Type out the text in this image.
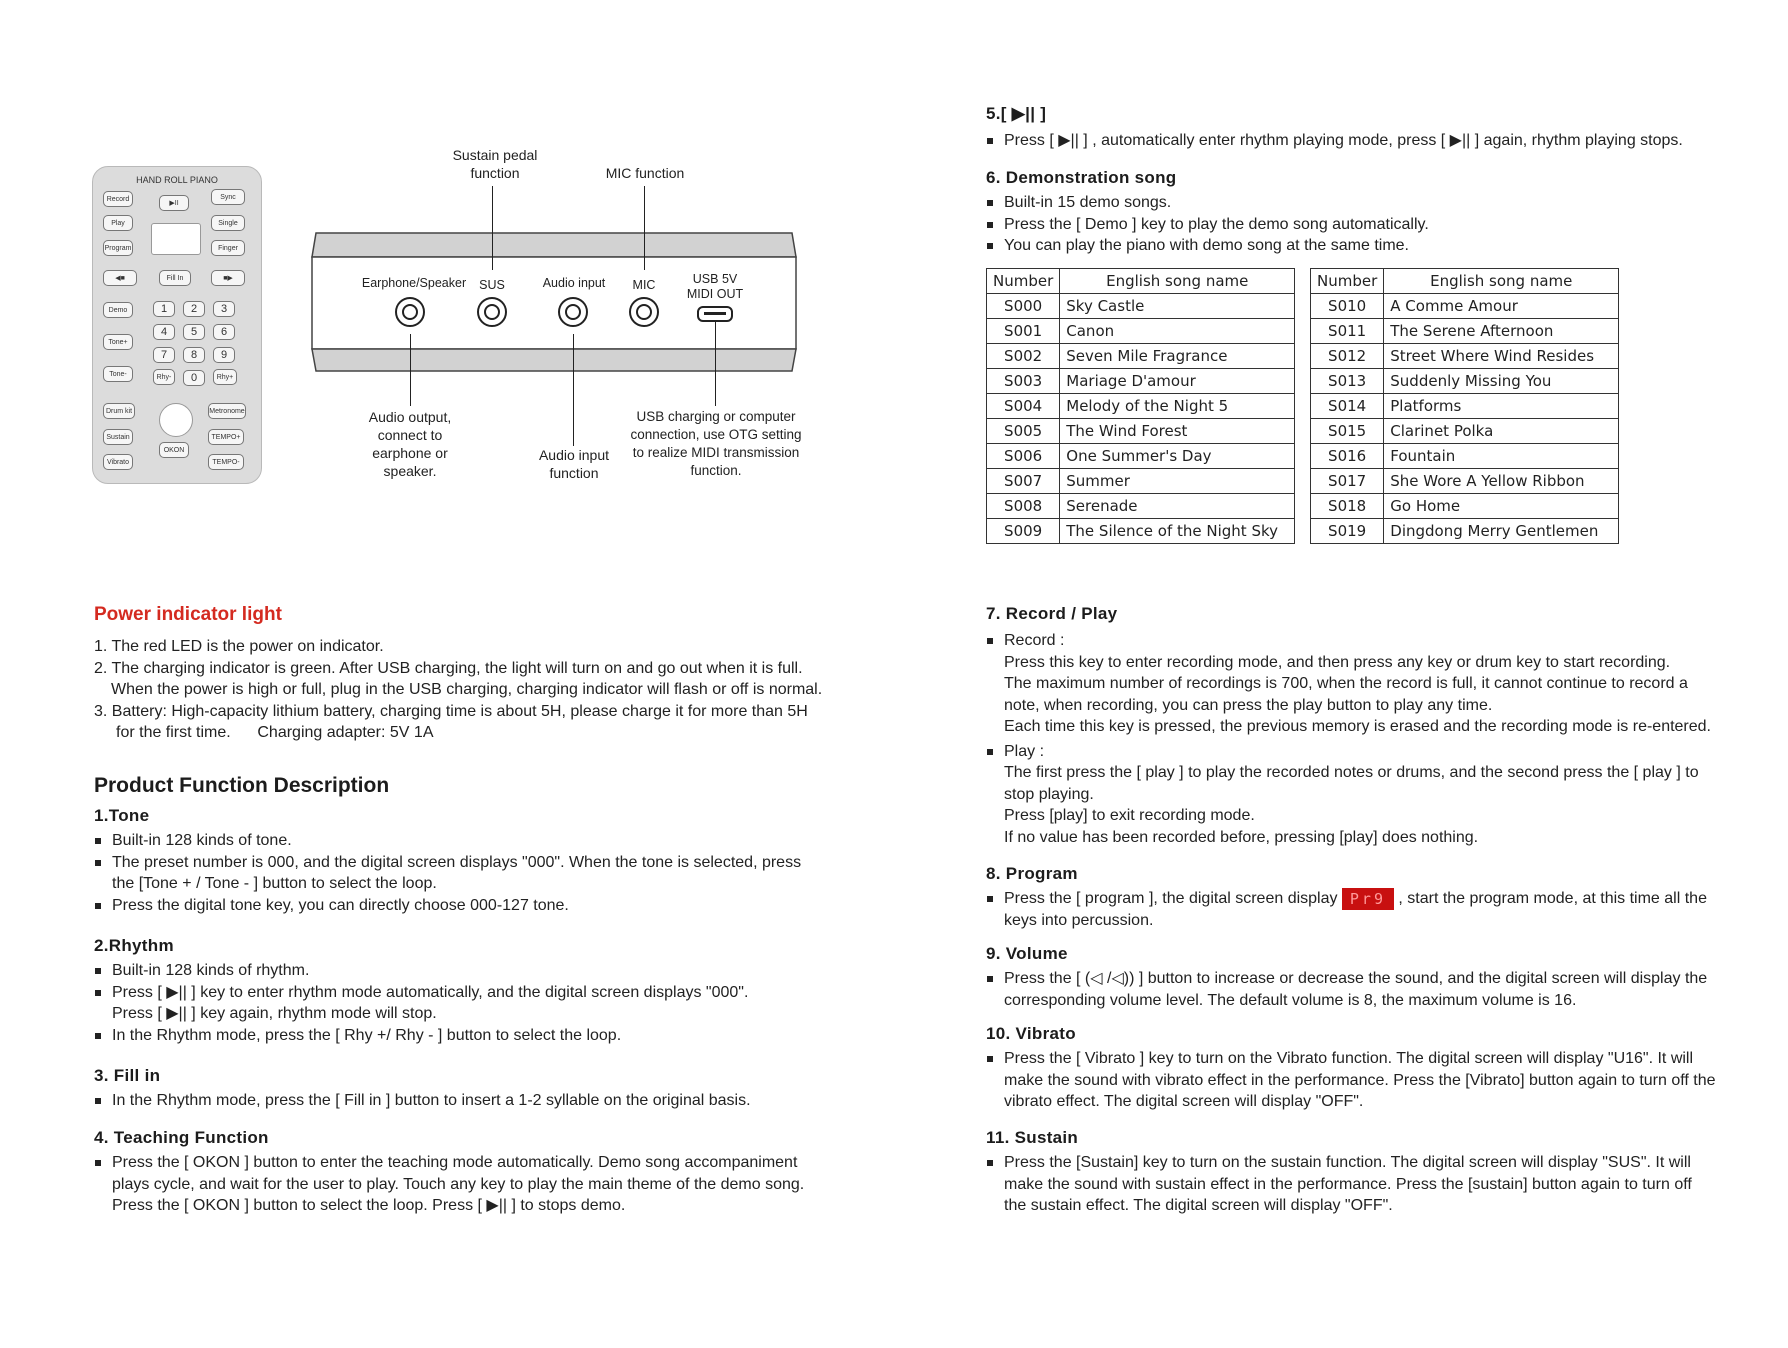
HAND ROLL PIANO
Record
▶II
Sync
Play	Single
Program	Finger
◀■	Fill In	■▶
Demo	1	2	3
Tone+
4	5	6
7	8	9
Tone-	Rhy-	0	Rhy+
Drum kit	Metronome
Sustain	TEMPO+
OKON
Vibrato	TEMPO-
Sustain pedal
function	MIC function
Earphone/Speaker	SUS	Audio input	MIC	USB 5V
MIDI OUT
Audio output,
connect to
earphone or
speaker.
Audio input
function
USB charging or computer
connection, use OTG setting
to realize MIDI transmission
function.
Power indicator light
1. The red LED is the power on indicator.
2. The charging indicator is green. After USB charging, the light will turn on and go out when it is full.
When the power is high or full, plug in the USB charging, charging indicator will flash or off is normal.
3. Battery: High-capacity lithium battery, charging time is about 5H, please charge it for more than 5H
for the first time.      Charging adapter: 5V 1A
Product Function Description
1.Tone
Built-in 128 kinds of tone.
The preset number is 000, and the digital screen displays "000". When the tone is selected, press the [Tone + / Tone - ] button to select the loop.
Press the digital tone key, you can directly choose 000-127 tone.
2.Rhythm
Built-in 128 kinds of rhythm.
Press [ ▶|| ] key to enter rhythm mode automatically, and the digital screen displays "000".
Press [ ▶|| ] key again, rhythm mode will stop.
In the Rhythm mode, press the [ Rhy +/ Rhy - ] button to select the loop.
3. Fill in
In the Rhythm mode, press the [ Fill in ] button to insert a 1-2 syllable on the original basis.
4. Teaching Function
Press the [ OKON ] button to enter the teaching mode automatically. Demo song accompaniment plays cycle, and wait for the user to play. Touch any key to play the main theme of the demo song. Press the [ OKON ] button to select the loop. Press [ ▶|| ] to stops demo.
5.[ ▶|| ]
Press [ ▶|| ] , automatically enter rhythm playing mode, press [ ▶|| ] again, rhythm playing stops.
6. Demonstration song
Built-in 15 demo songs.
Press the [ Demo ] key to play the demo song automatically.
You can play the piano with demo song at the same time.
Number	English song name
S000	Sky Castle
S001	Canon
S002	Seven Mile Fragrance
S003	Mariage D'amour
S004	Melody of the Night 5
S005	The Wind Forest
S006	One Summer's Day
S007	Summer
S008	Serenade
S009	The Silence of the Night Sky
Number	English song name
S010	A Comme Amour
S011	The Serene Afternoon
S012	Street Where Wind Resides
S013	Suddenly Missing You
S014	Platforms
S015	Clarinet Polka
S016	Fountain
S017	She Wore A Yellow Ribbon
S018	Go Home
S019	Dingdong Merry Gentlemen
7. Record / Play
Record :
Press this key to enter recording mode, and then press any key or drum key to start recording.
The maximum number of recordings is 700, when the record is full, it cannot continue to record a note, when recording, you can press the play button to play any time.
Each time this key is pressed, the previous memory is erased and the recording mode is re-entered.
Play :
The first press the [ play ] to play the recorded notes or drums, and the second press the [ play ] to stop playing.
Press [play] to exit recording mode.
If no value has been recorded before, pressing [play] does nothing.
8. Program
Press the [ program ], the digital screen display Pr9 , start the program mode, at this time all the keys into percussion.
9. Volume
Press the [ (◁ /◁)) ] button to increase or decrease the sound, and the digital screen will display the corresponding volume level. The default volume is 8, the maximum volume is 16.
10. Vibrato
Press the [ Vibrato ] key to turn on the Vibrato function. The digital screen will display "U16". It will make the sound with vibrato effect in the performance. Press the [Vibrato] button again to turn off the vibrato effect. The digital screen will display "OFF".
11. Sustain
Press the [Sustain] key to turn on the sustain function. The digital screen will display "SUS". It will make the sound with sustain effect in the performance. Press the [sustain] button again to turn off the sustain effect. The digital screen will display "OFF".
